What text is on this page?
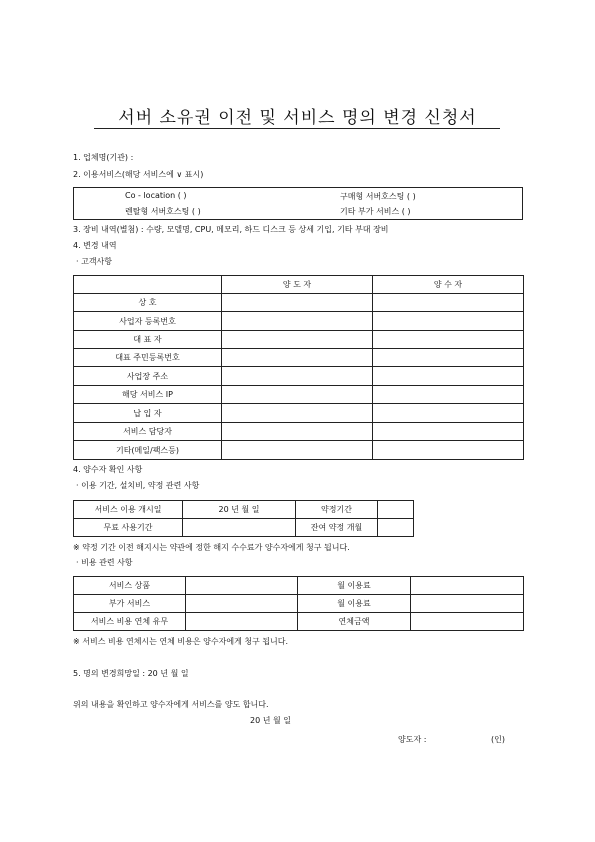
서버 소유권 이전 및 서비스 명의 변경 신청서
1. 업체명(기관) :
2. 이용서비스(해당 서비스에 ∨ 표시)
Co - location ( )	구매형 서버호스팅 ( )
렌탈형 서버호스팅 ( )	기타 부가 서비스 ( )
3. 장비 내역(별첨) : 수량, 모델명, CPU, 메모리, 하드 디스크 등 상세 기입, 기타 부대 장비
4. 변경 내역
· 고객사항
	양 도 자	양 수 자
상 호		
사업자 등록번호		
대 표 자		
대표 주민등록번호		
사업장 주소		
해당 서비스 IP		
납 입 자		
서비스 담당자		
기타(메일/팩스등)		
4. 양수자 확인 사항
· 이용 기간, 설치비, 약정 관련 사항
서비스 이용 개시일	20 년 월 일	약정기간	
무료 사용기간		잔여 약정 개월	
※ 약정 기간 이전 해지시는 약관에 정한 해지 수수료가 양수자에게 청구 됩니다.
· 비용 관련 사항
서비스 상품		월 이용료	
부가 서비스		월 이용료	
서비스 비용 연체 유무		연체금액	
※ 서비스 비용 연체시는 연체 비용은 양수자에게 청구 됩니다.
5. 명의 변경희망일 : 20 년 월 일
위의 내용을 확인하고 양수자에게 서비스를 양도 합니다.
20 년 월 일
양도자 :	(인)
